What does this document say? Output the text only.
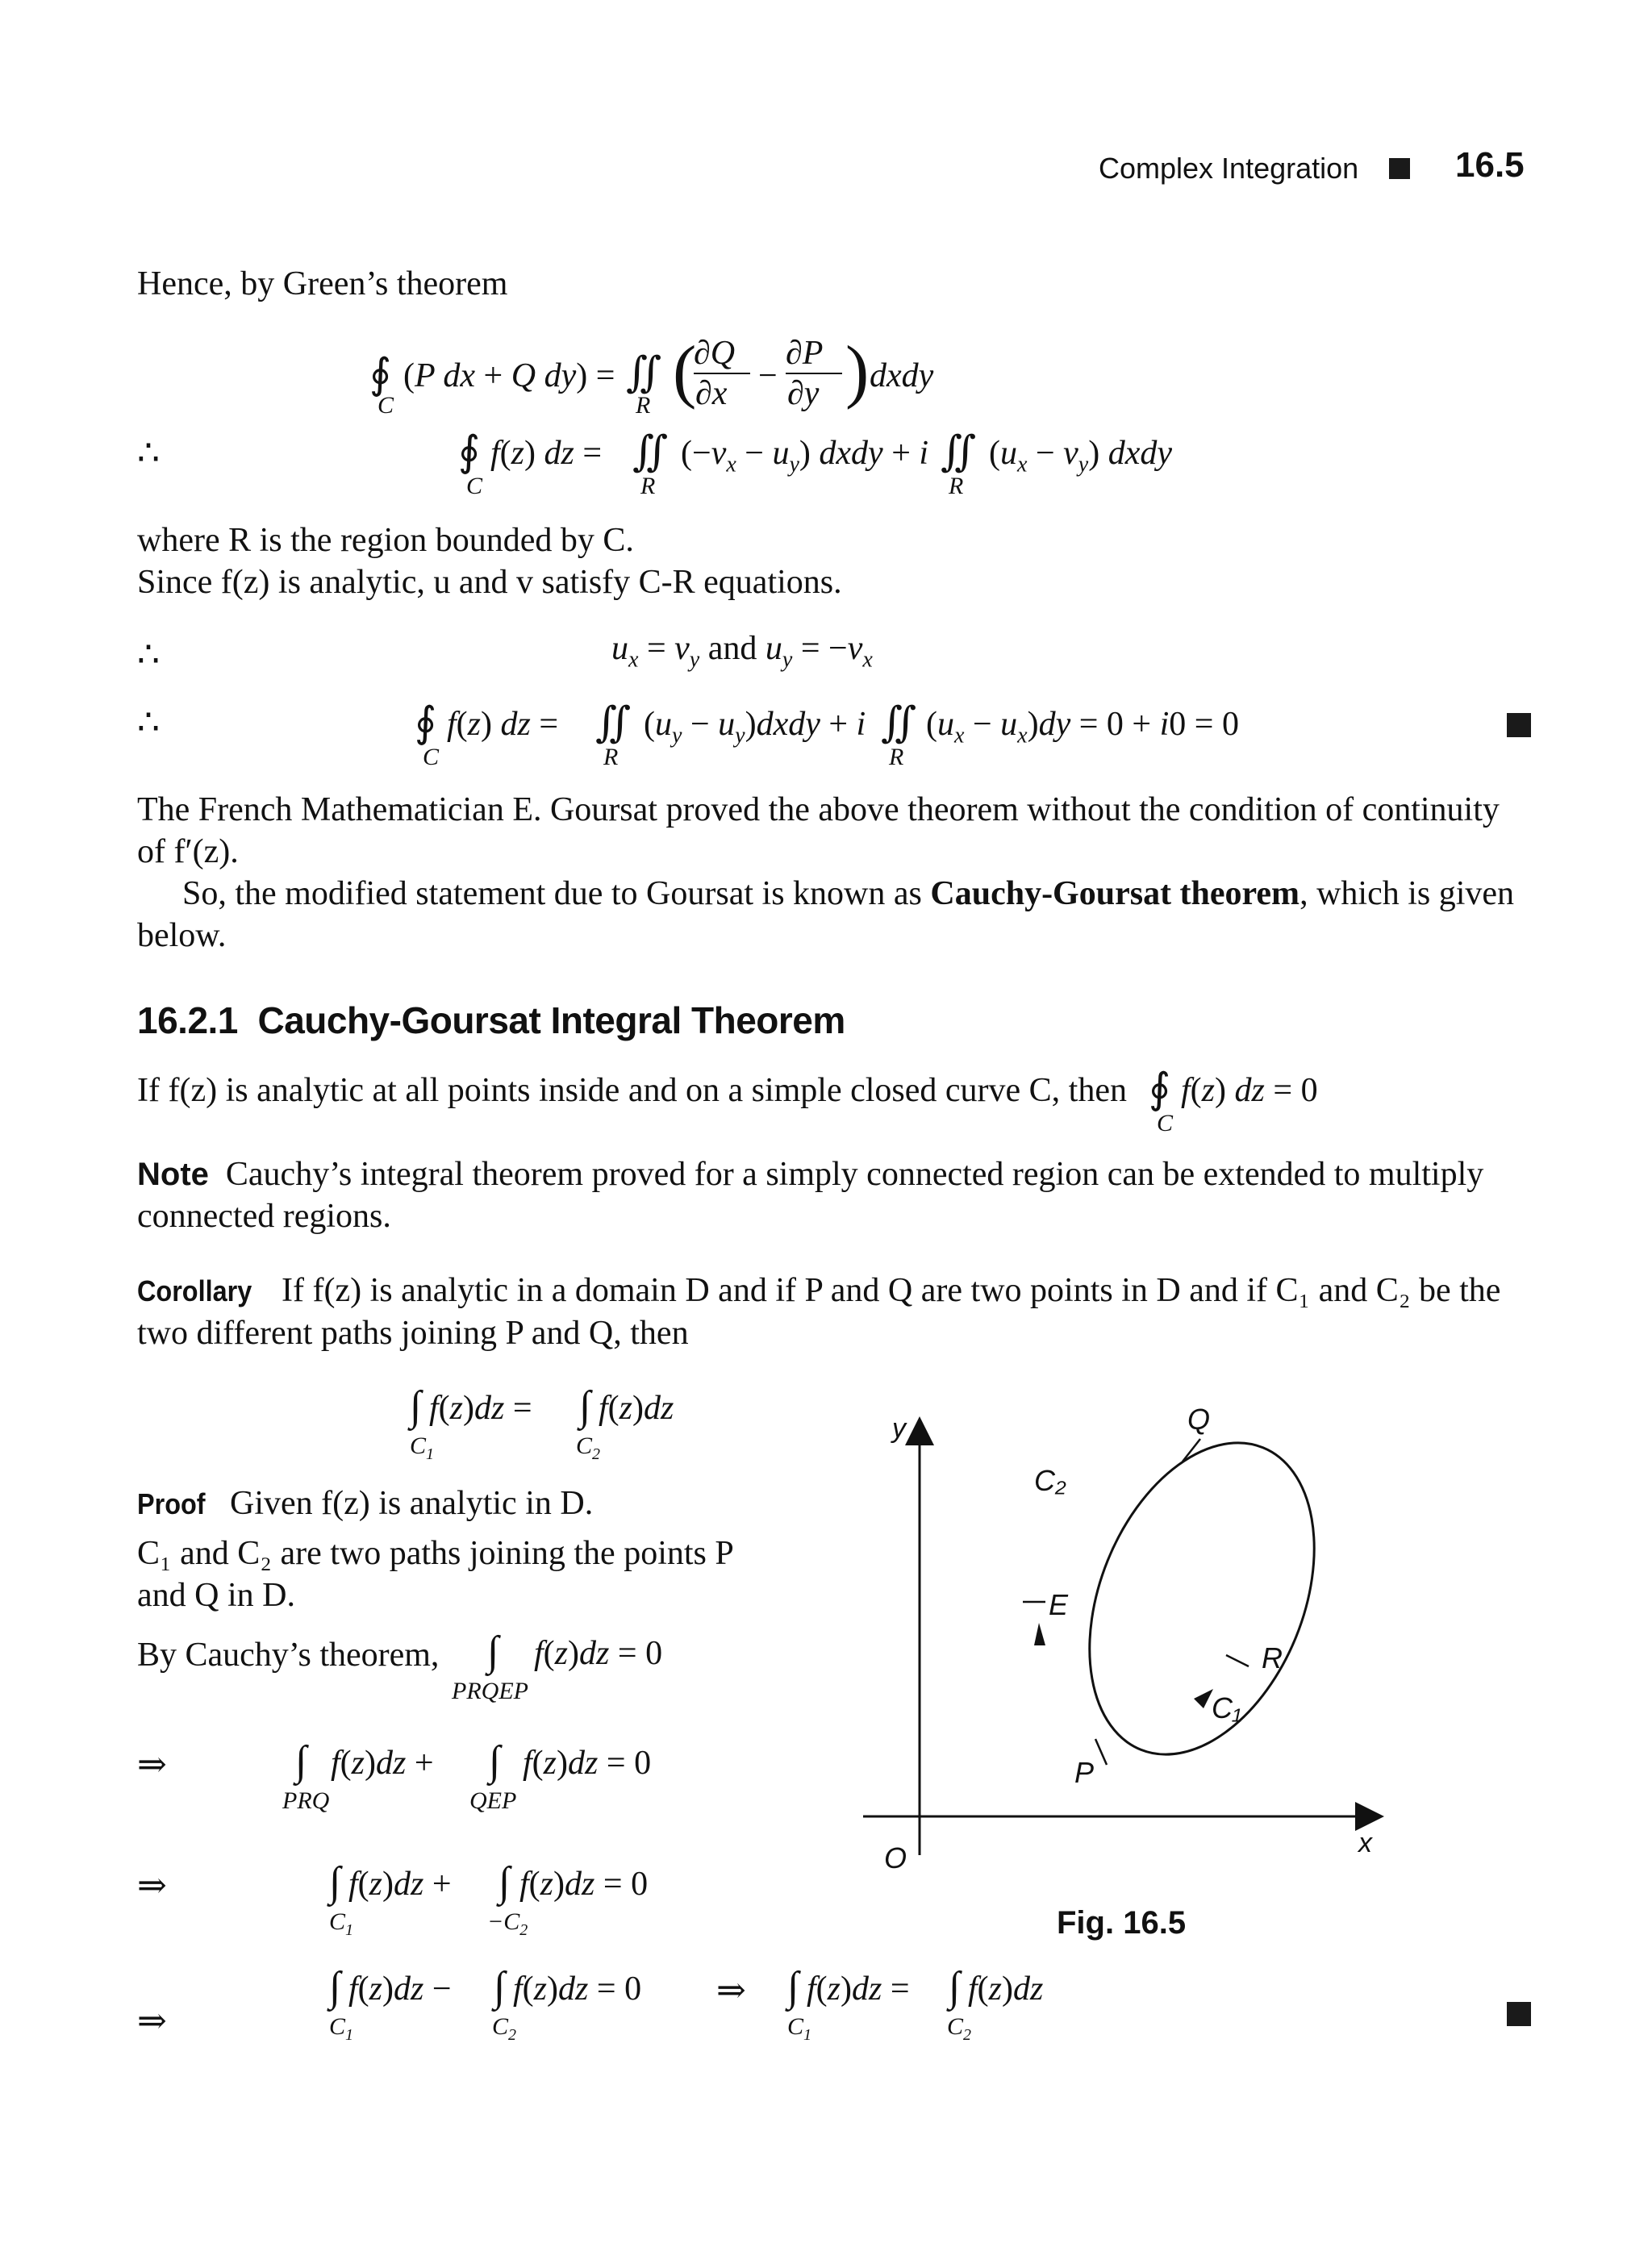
Complex Integration	16.5
Hence, by Green’s theorem
∮ (P dx + Q dy) = ∬ (
∂Q
∂x −
∂P
∂y ) dxdy
C	R
∴	∮ f(z) dz = ∬ $(-v_x - u_y)$ dxdy + i ∬ $(u_x - v_y)$ dxdy
C	R	R
where R is the region bounded by C.
Since f(z) is analytic, u and v satisfy C-R equations.
∴	$u_x = v_y$ and $u_y = -v_x$
∴	∮ f(z) dz = ∬ ($u_y$ − $u_y)dxdy + i$ ∬ $(u_x - u_x)dy = 0 + i0 = 0$
C	R	R
The French Mathematician E. Goursat proved the above theorem without the condition of continuity of f′(z).
So, the modified statement due to Goursat is known as Cauchy-Goursat theorem, which is given below.
16.2.1 Cauchy-Goursat Integral Theorem
If f(z) is analytic at all points inside and on a simple closed curve C, then ∮ f(z) dz = 0
C
Note Cauchy’s integral theorem proved for a simply connected region can be extended to multiply connected regions.
Corollary If f(z) is analytic in a domain D and if P and Q are two points in D and if C₁ and C₂ be the two different paths joining P and Q, then
∫ f(z)dz = ∫ f(z)dz
$C_1$	$C_2$
Proof Given f(z) is analytic in D.
C₁ and C₂ are two paths joining the points P and Q in D.
By Cauchy’s theorem, ∫ f(z)dz = 0
PRQEP
⇒	∫ f(z)dz + ∫ f(z)dz = 0
PRQ	QEP
⇒	∫ f(z)dz + ∫ f(z)dz = 0
$C_1$	$-C_2$
y
x
O
Q
C₂
E
R
C₁
P
Fig. 16.5
⇒
∫ f(z)dz − ∫ f(z)dz = 0
$C_1$	$C_2$
⇒ ∫ f(z)dz = ∫ f(z)dz
$C_1$	$C_2$
